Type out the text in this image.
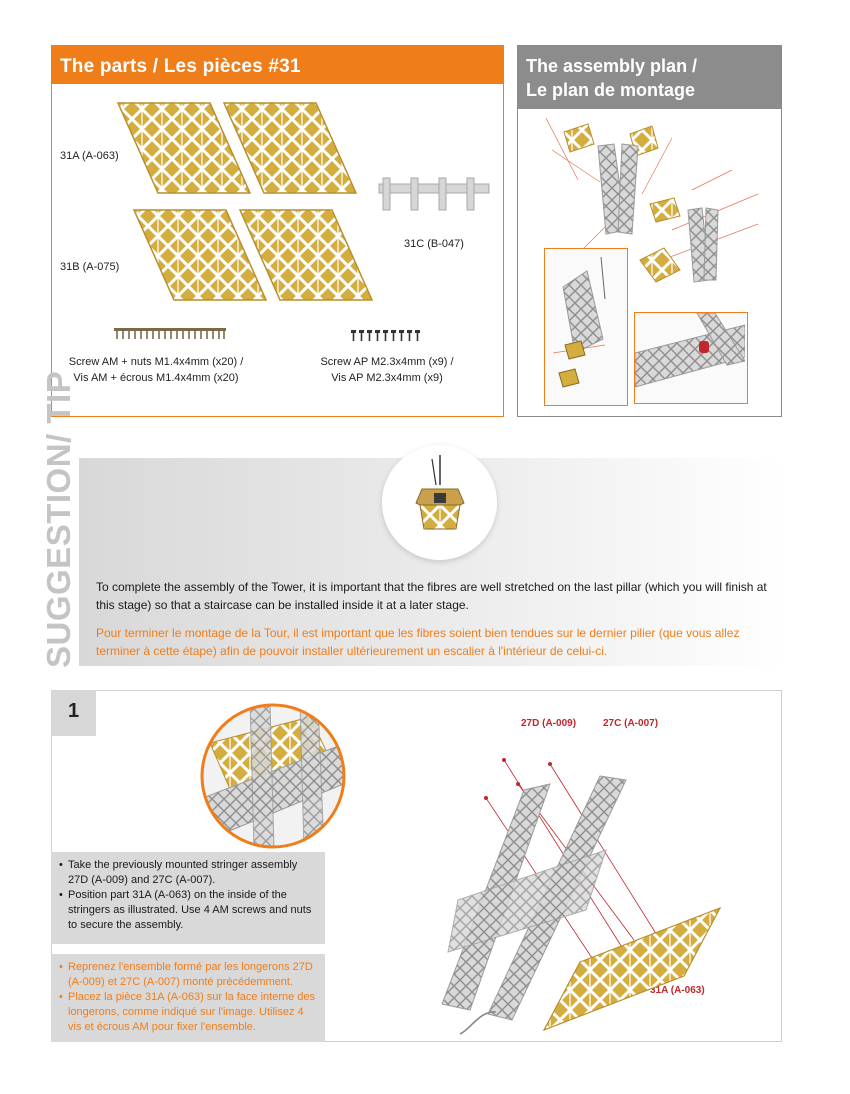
The parts / Les pièces #31
31A (A-063)
31B (A-075)
31C (B-047)
Screw AM + nuts M1.4x4mm (x20) /
Vis AM + écrous M1.4x4mm (x20)
Screw AP M2.3x4mm (x9) /
Vis AP M2.3x4mm (x9)
The assembly plan /
Le plan de montage
SUGGESTION/ TIP To complete the assembly of the Tower, it is important that the fibres are well stretched on the last pillar (which you will finish at this stage) so that a staircase can be installed inside it at a later stage.
Pour terminer le montage de la Tour, il est important que les fibres soient bien tendues sur le dernier pilier (que vous allez terminer à cette étape) afin de pouvoir installer ultérieurement un escalier à l'intérieur de celui-ci.
1
• Take the previously mounted stringer assembly 27D (A-009) and 27C (A-007).
• Position part 31A (A-063) on the inside of the stringers as illustrated. Use 4 AM screws and nuts to secure the assembly.
• Reprenez l'ensemble formé par les longerons 27D (A-009) et 27C (A-007) monté précédemment.
• Placez la pièce 31A (A-063) sur la face interne des longerons, comme indiqué sur l'image. Utilisez 4 vis et écrous AM pour fixer l'ensemble.
27D (A-009)	27C (A-007)
31A (A-063)
